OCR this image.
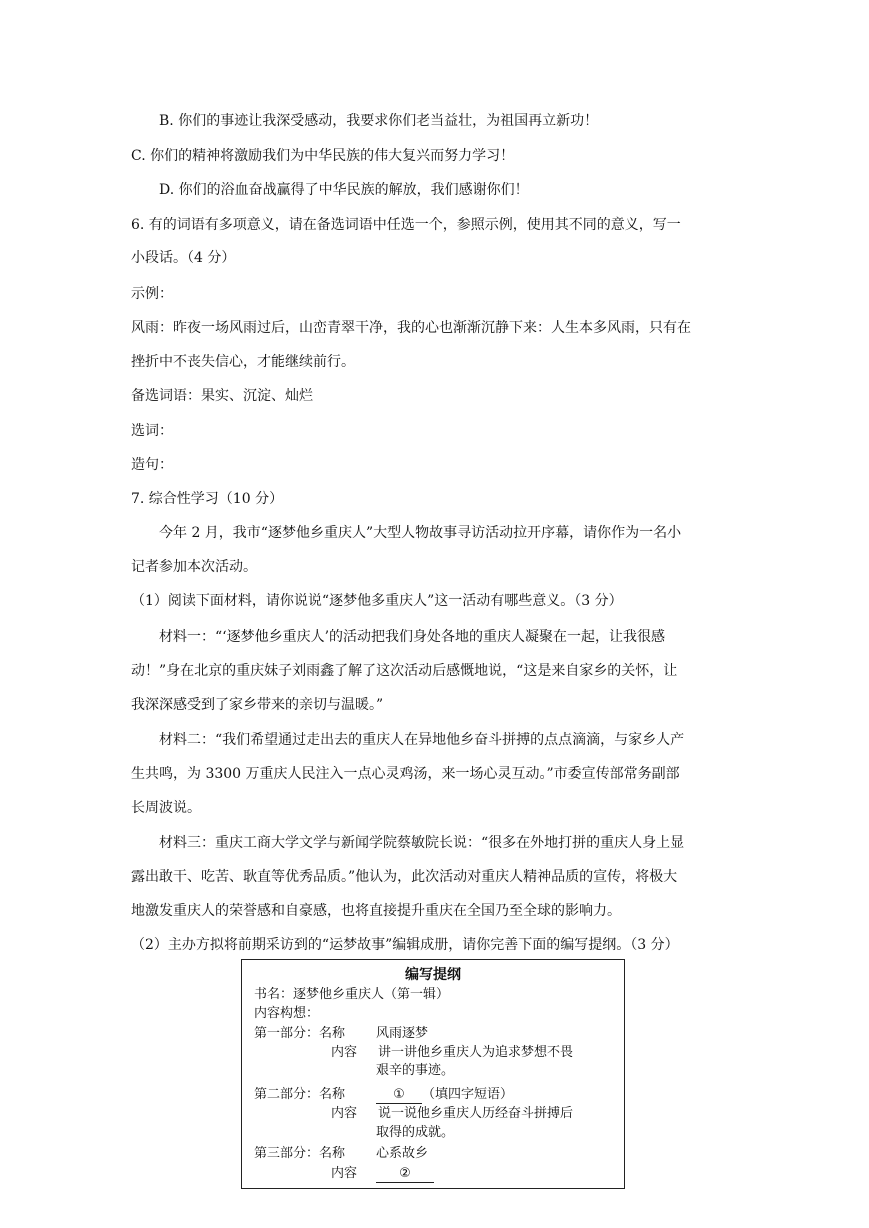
B. 你们的事迹让我深受感动，我要求你们老当益壮，为祖国再立新功！
C. 你们的精神将激励我们为中华民族的伟大复兴而努力学习！
D. 你们的浴血奋战赢得了中华民族的解放，我们感谢你们！
6. 有的词语有多项意义，请在备选词语中任选一个，参照示例，使用其不同的意义，写一
小段话。（4 分）
示例：
风雨：昨夜一场风雨过后，山峦青翠干净，我的心也渐渐沉静下来：人生本多风雨，只有在
挫折中不丧失信心，才能继续前行。
备选词语：果实、沉淀、灿烂
选词：
造句：
7. 综合性学习（10 分）
今年 2 月，我市“逐梦他乡重庆人”大型人物故事寻访活动拉开序幕，请你作为一名小
记者参加本次活动。
（1）阅读下面材料，请你说说“逐梦他多重庆人”这一活动有哪些意义。（3 分）
材料一：“‘逐梦他乡重庆人’的活动把我们身处各地的重庆人凝聚在一起，让我很感
动！”身在北京的重庆妹子刘雨鑫了解了这次活动后感慨地说，“这是来自家乡的关怀，让
我深深感受到了家乡带来的亲切与温暖。”
材料二：“我们希望通过走出去的重庆人在异地他乡奋斗拼搏的点点滴滴，与家乡人产
生共鸣，为 3300 万重庆人民注入一点心灵鸡汤，来一场心灵互动。”市委宣传部常务副部
长周波说。
材料三：重庆工商大学文学与新闻学院蔡敏院长说：“很多在外地打拼的重庆人身上显
露出敢干、吃苦、耿直等优秀品质。”他认为，此次活动对重庆人精神品质的宣传，将极大
地激发重庆人的荣誉感和自豪感，也将直接提升重庆在全国乃至全球的影响力。
（2）主办方拟将前期采访到的“运梦故事”编辑成册，请你完善下面的编写提纲。（3 分）
编写提纲
书名：逐梦他乡重庆人（第一辑）
内容构想：
第一部分：名称 风雨逐梦
内容 讲一讲他乡重庆人为追求梦想不畏
艰辛的事迹。
第二部分：名称	① （填四字短语）
内容 说一说他乡重庆人历经奋斗拼搏后
取得的成就。
第三部分：名称 心系故乡
内容	②
